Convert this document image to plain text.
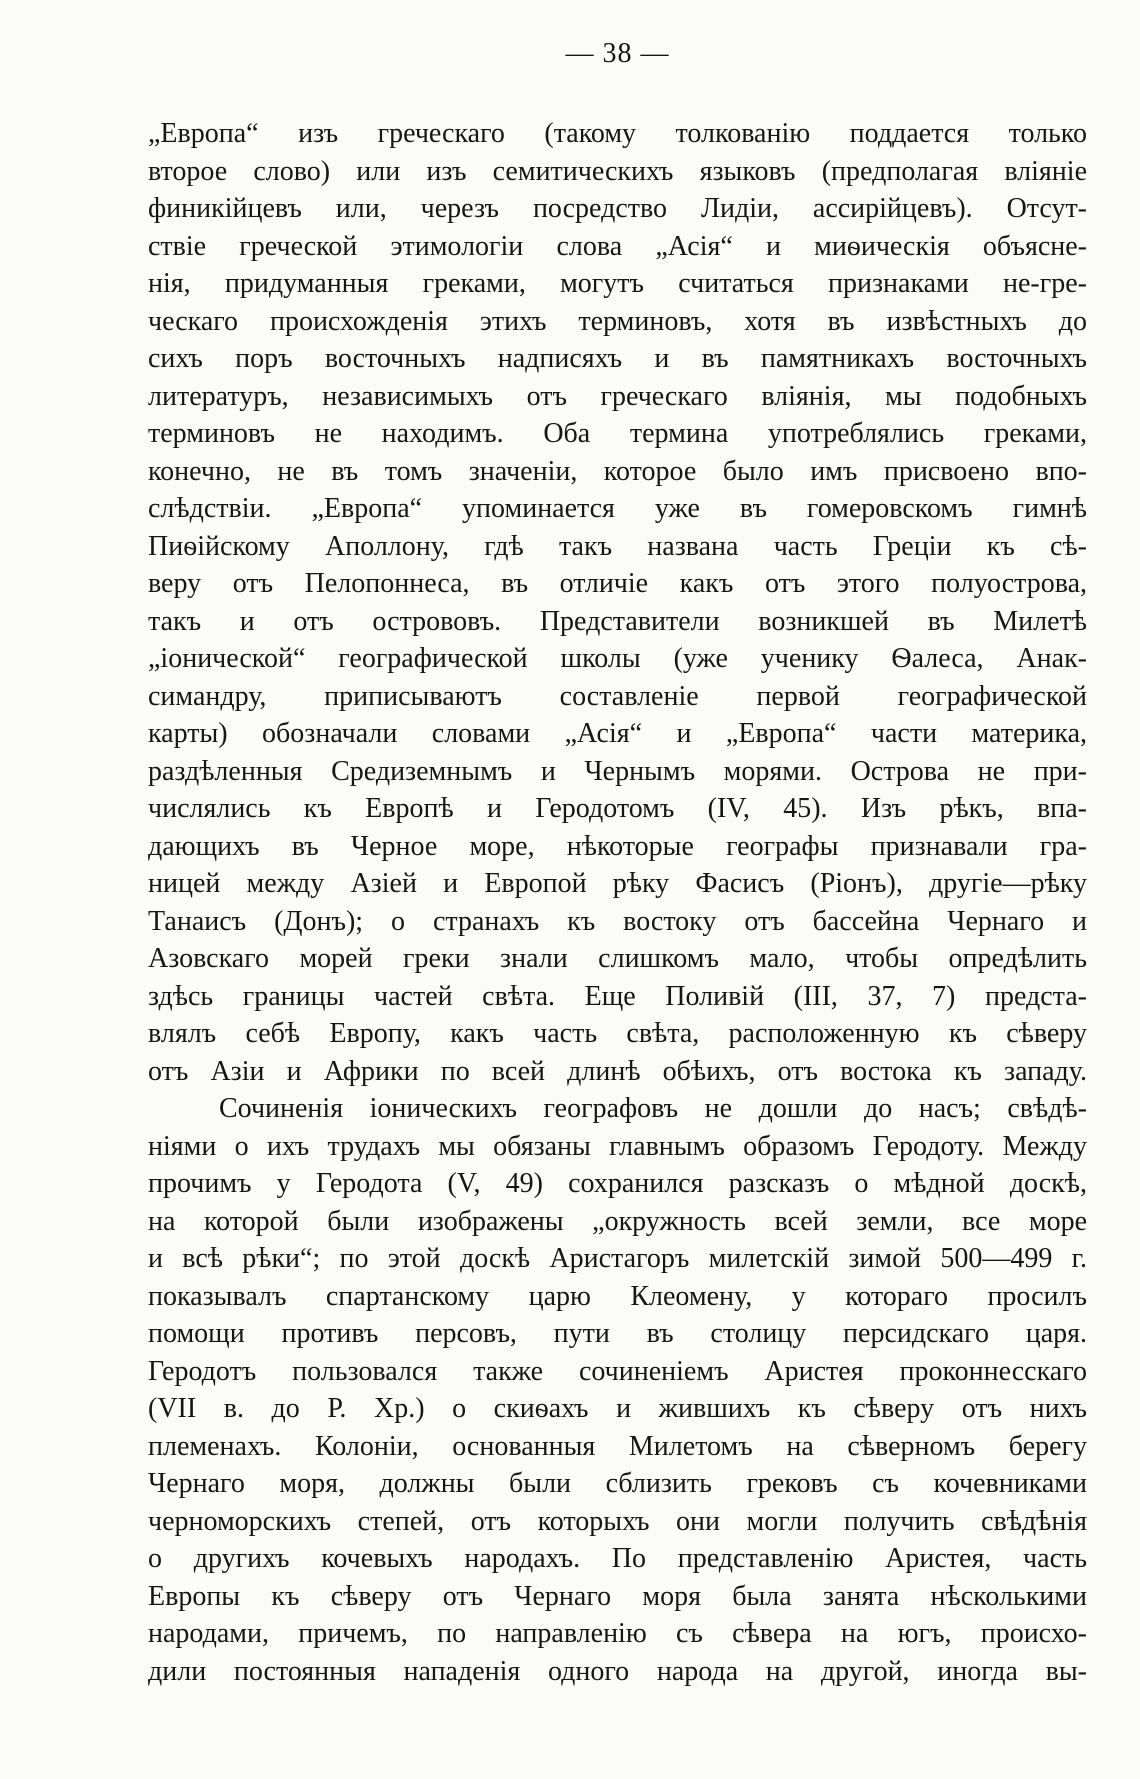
— 38 —
„Европа“ изъ греческаго (такому толкованію поддается только
второе слово) или изъ семитическихъ языковъ (предполагая вліяніе
финикійцевъ или, черезъ посредство Лидіи, ассирійцевъ). Отсут-
ствіе греческой этимологіи слова „Асія“ и миѳическія объясне-
нія, придуманныя греками, могутъ считаться признаками не-гре-
ческаго происхожденія этихъ терминовъ, хотя въ извѣстныхъ до
сихъ поръ восточныхъ надписяхъ и въ памятникахъ восточныхъ
литературъ, независимыхъ отъ греческаго вліянія, мы подобныхъ
терминовъ не находимъ. Оба термина употреблялись греками,
конечно, не въ томъ значеніи, которое было имъ присвоено впо-
слѣдствіи. „Европа“ упоминается уже въ гомеровскомъ гимнѣ
Пиѳійскому Аполлону, гдѣ такъ названа часть Греціи къ сѣ-
веру отъ Пелопоннеса, въ отличіе какъ отъ этого полуострова,
такъ и отъ острововъ. Представители возникшей въ Милетѣ
„іонической“ географической школы (уже ученику Ѳалеса, Анак-
симандру, приписываютъ составленіе первой географической
карты) обозначали словами „Асія“ и „Европа“ части материка,
раздѣленныя Средиземнымъ и Чернымъ морями. Острова не при-
числялись къ Европѣ и Геродотомъ (IV, 45). Изъ рѣкъ, впа-
дающихъ въ Черное море, нѣкоторые географы признавали гра-
ницей между Азіей и Европой рѣку Фасисъ (Ріонъ), другіе—рѣку
Танаисъ (Донъ); о странахъ къ востоку отъ бассейна Чернаго и
Азовскаго морей греки знали слишкомъ мало, чтобы опредѣлить
здѣсь границы частей свѣта. Еще Поливій (III, 37, 7) предста-
влялъ себѣ Европу, какъ часть свѣта, расположенную къ сѣверу
отъ Азіи и Африки по всей длинѣ обѣихъ, отъ востока къ западу.
Сочиненія іоническихъ географовъ не дошли до насъ; свѣдѣ-
ніями о ихъ трудахъ мы обязаны главнымъ образомъ Геродоту. Между
прочимъ у Геродота (V, 49) сохранился разсказъ о мѣдной доскѣ,
на которой были изображены „окружность всей земли, все море
и всѣ рѣки“; по этой доскѣ Аристагоръ милетскій зимой 500—499 г.
показывалъ спартанскому царю Клеомену, у котораго просилъ
помощи противъ персовъ, пути въ столицу персидскаго царя.
Геродотъ пользовался также сочиненіемъ Аристея проконнесскаго
(VII в. до Р. Хр.) о скиѳахъ и жившихъ къ сѣверу отъ нихъ
племенахъ. Колоніи, основанныя Милетомъ на сѣверномъ берегу
Чернаго моря, должны были сблизить грековъ съ кочевниками
черноморскихъ степей, отъ которыхъ они могли получить свѣдѣнія
о другихъ кочевыхъ народахъ. По представленію Аристея, часть
Европы къ сѣверу отъ Чернаго моря была занята нѣсколькими
народами, причемъ, по направленію съ сѣвера на югъ, происхо-
дили постоянныя нападенія одного народа на другой, иногда вы-
